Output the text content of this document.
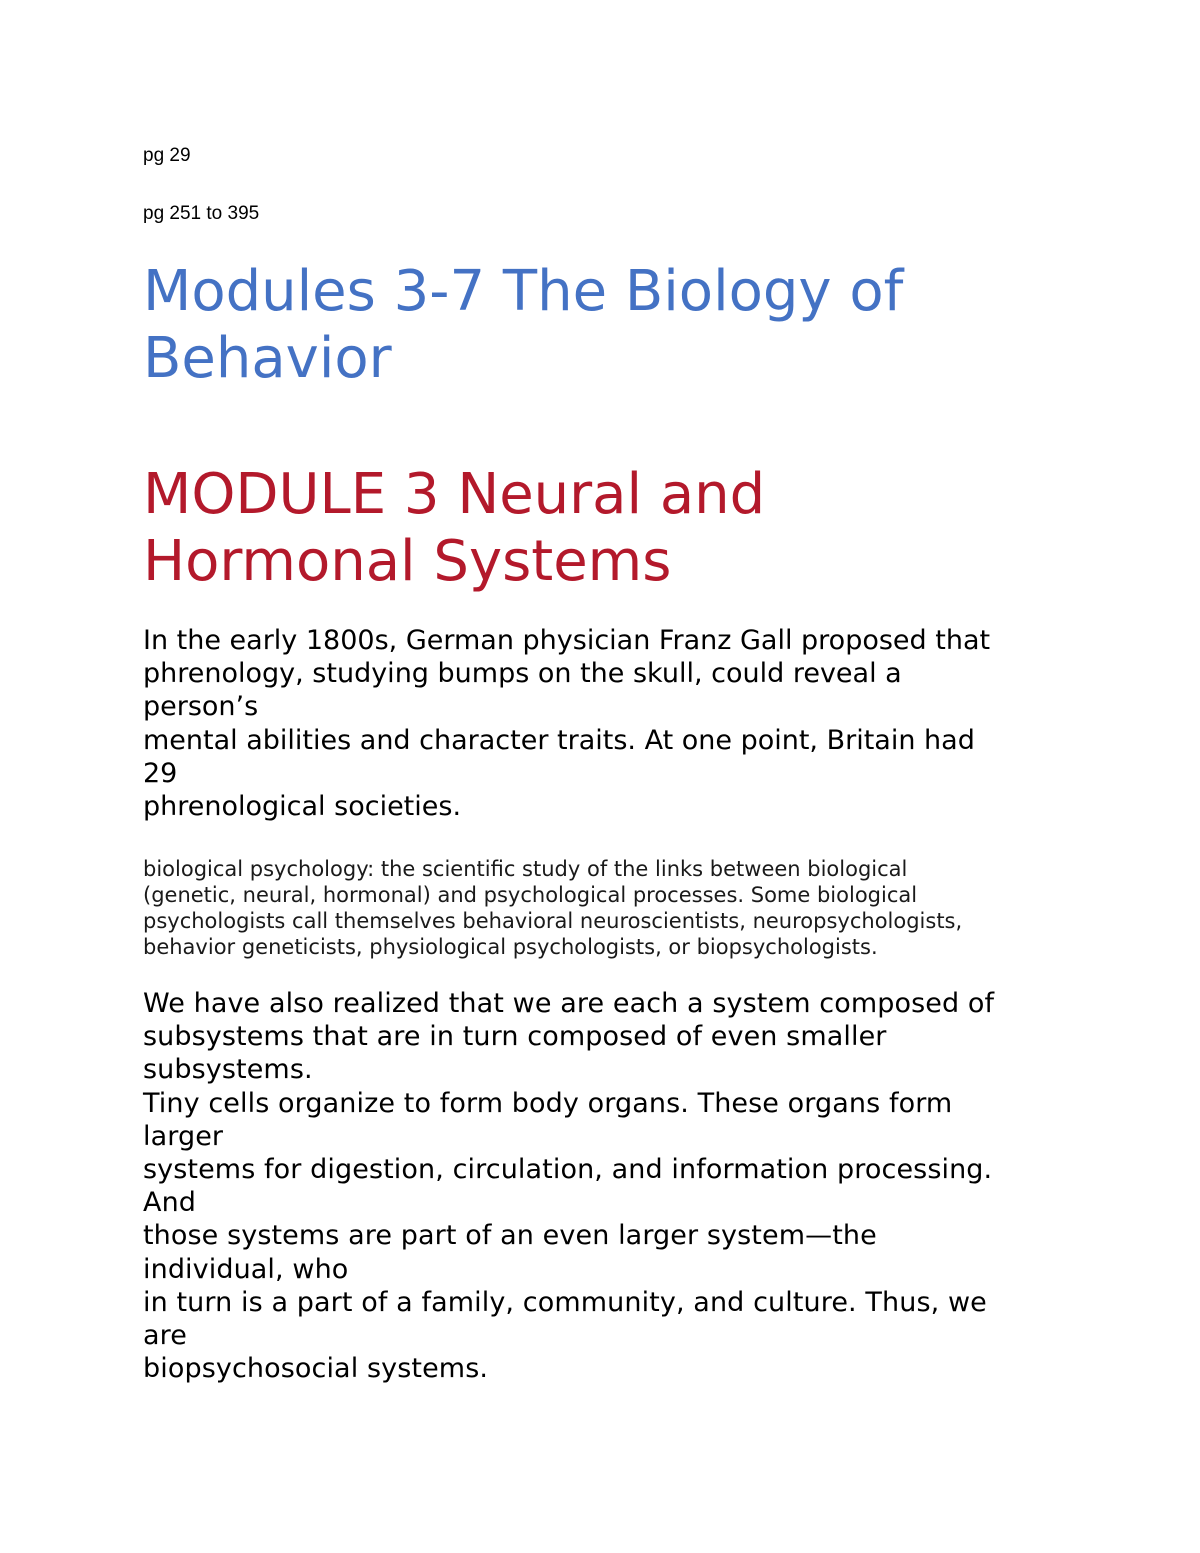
pg 29

pg 251 to 395

Modules 3-7 The Biology of
Behavior
MODULE 3 Neural and
Hormonal Systems

In the early 1800s, German physician Franz Gall proposed that
phrenology, studying bumps on the skull, could reveal a
person’s
mental abilities and character traits. At one point, Britain had
29
phrenological societies.

biological psychology: the scientific study of the links between biological
(genetic, neural, hormonal) and psychological processes. Some biological
psychologists call themselves behavioral neuroscientists, neuropsychologists,
behavior geneticists, physiological psychologists, or biopsychologists.

We have also realized that we are each a system composed of
subsystems that are in turn composed of even smaller
subsystems.
Tiny cells organize to form body organs. These organs form
larger
systems for digestion, circulation, and information processing.
And
those systems are part of an even larger system—the
individual, who
in turn is a part of a family, community, and culture. Thus, we
are
biopsychosocial systems.
